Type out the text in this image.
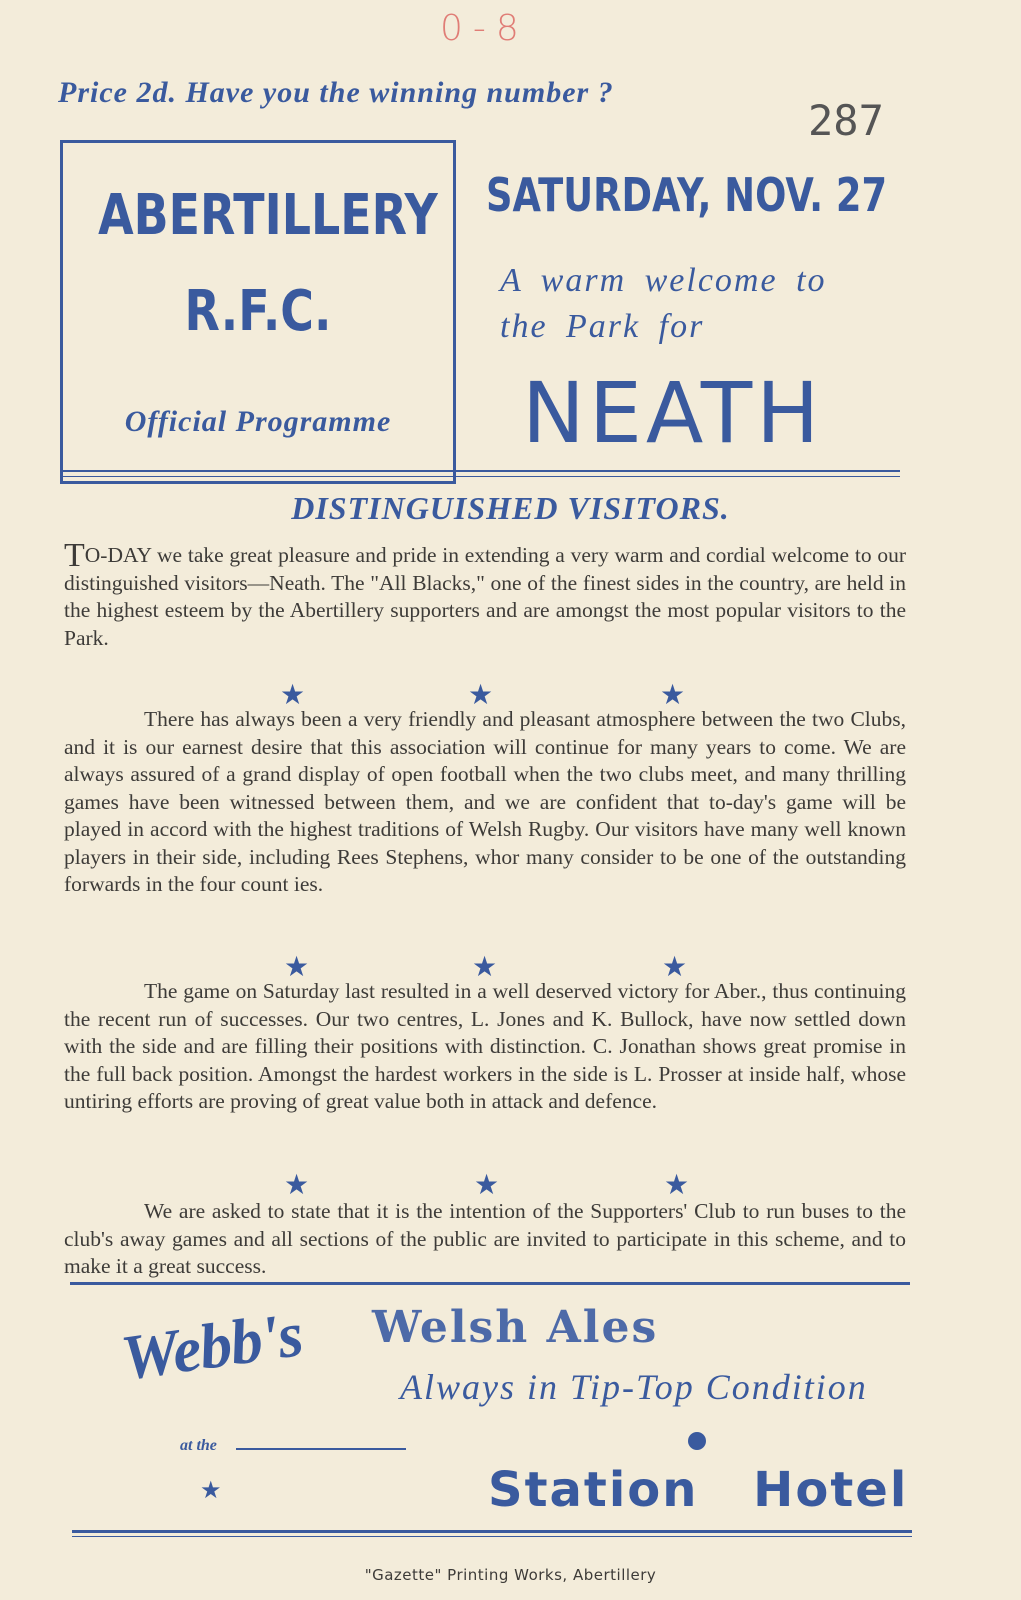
0-8
Price 2d. Have you the winning number ?
287
ABERTILLERY
R.F.C.
Official Programme
SATURDAY, NOV. 27
A warm welcome to
the Park for
NEATH
DISTINGUISHED VISITORS.
TO-DAY we take great pleasure and pride in extending a very warm and cordial welcome to our distinguished visitors—Neath. The "All Blacks," one of the finest sides in the country, are held in the highest esteem by the Abertillery supporters and are amongst the most popular visitors to the Park.
★	★	★
There has always been a very friendly and pleasant atmosphere between the two Clubs, and it is our earnest desire that this association will continue for many years to come. We are always assured of a grand display of open football when the two clubs meet, and many thrilling games have been witnessed between them, and we are confident that to-day's game will be played in accord with the highest traditions of Welsh Rugby. Our visitors have many well known players in their side, including Rees Stephens, whor many consider to be one of the outstanding forwards in the four count ies.
★	★	★
The game on Saturday last resulted in a well deserved victory for Aber., thus continuing the recent run of successes. Our two centres, L. Jones and K. Bullock, have now settled down with the side and are filling their positions with distinction. C. Jonathan shows great promise in the full back position. Amongst the hardest workers in the side is L. Prosser at inside half, whose untiring efforts are proving of great value both in attack and defence.
★	★	★
We are asked to state that it is the intention of the Supporters' Club to run buses to the club's away games and all sections of the public are invited to participate in this scheme, and to make it a great success.
Webb's Welsh Ales
Always in Tip-Top Condition
at the
★	Station Hotel
"Gazette" Printing Works, Abertillery
